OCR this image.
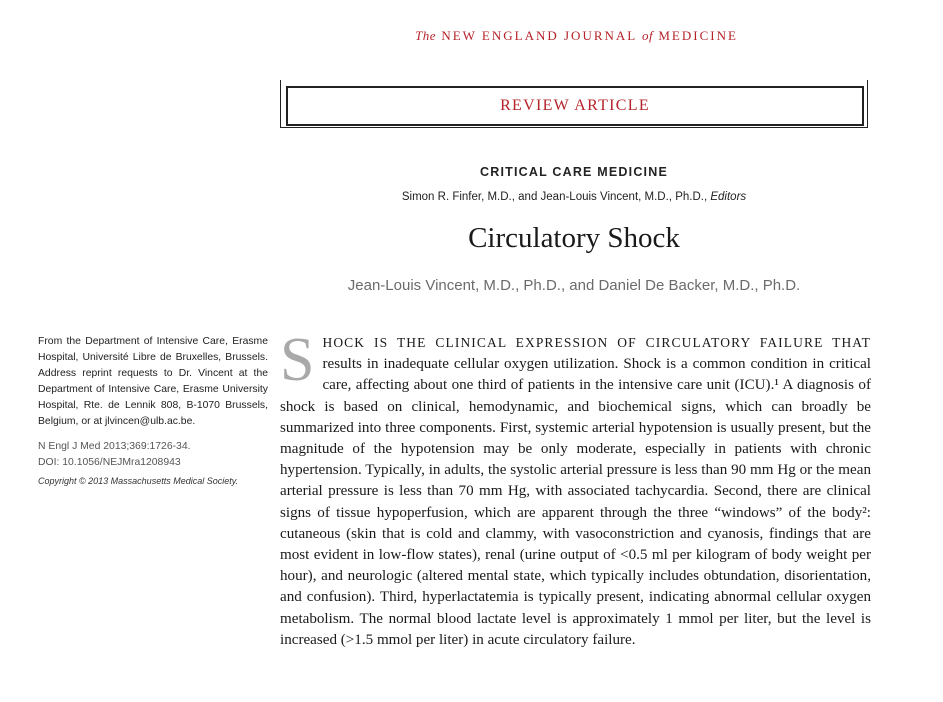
The NEW ENGLAND JOURNAL of MEDICINE
REVIEW ARTICLE
CRITICAL CARE MEDICINE
Simon R. Finfer, M.D., and Jean-Louis Vincent, M.D., Ph.D., Editors
Circulatory Shock
Jean-Louis Vincent, M.D., Ph.D., and Daniel De Backer, M.D., Ph.D.

From the Department of Intensive Care, Erasme Hospital, Université Libre de Bruxelles, Brussels. Address reprint requests to Dr. Vincent at the Department of Intensive Care, Erasme University Hospital, Rte. de Lennik 808, B-1070 Brussels, Belgium, or at jlvincen@ulb.ac.be.

N Engl J Med 2013;369:1726-34.
DOI: 10.1056/NEJMra1208943
Copyright © 2013 Massachusetts Medical Society.
S HOCK IS THE CLINICAL EXPRESSION OF CIRCULATORY FAILURE THAT results in inadequate cellular oxygen utilization. Shock is a common condition in critical care, affecting about one third of patients in the intensive care unit (ICU).¹ A diagnosis of shock is based on clinical, hemodynamic, and biochemical signs, which can broadly be summarized into three components. First, systemic arterial hypotension is usually present, but the magnitude of the hypotension may be only moderate, especially in patients with chronic hypertension. Typically, in adults, the systolic arterial pressure is less than 90 mm Hg or the mean arterial pressure is less than 70 mm Hg, with associated tachycardia. Second, there are clinical signs of tissue hypoperfusion, which are apparent through the three “windows” of the body²: cutaneous (skin that is cold and clammy, with vasoconstriction and cyanosis, findings that are most evident in low-flow states), renal (urine output of <0.5 ml per kilogram of body weight per hour), and neurologic (altered mental state, which typically includes obtundation, disorientation, and confusion). Third, hyperlactatemia is typically present, indicating abnormal cellular oxygen metabolism. The normal blood lactate level is approximately 1 mmol per liter, but the level is increased (>1.5 mmol per liter) in acute circulatory failure.
